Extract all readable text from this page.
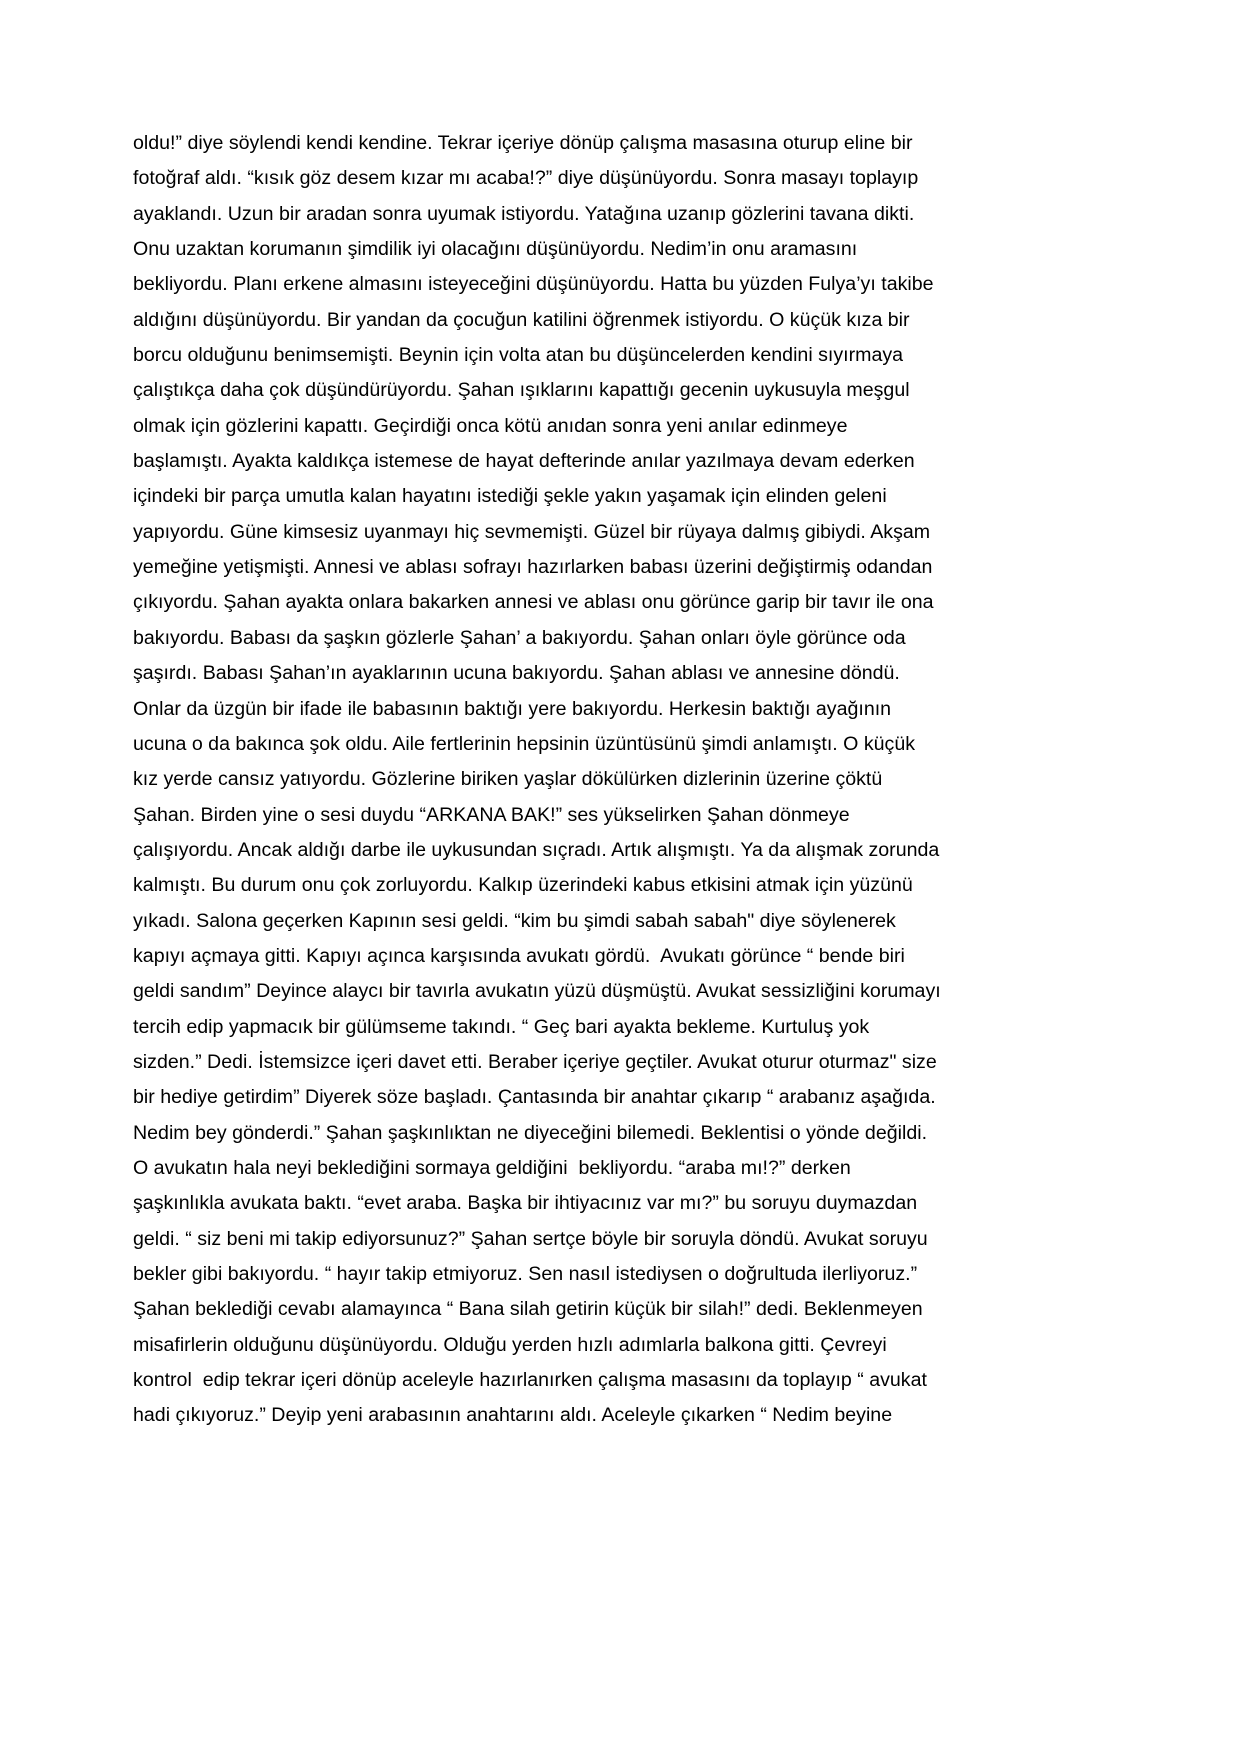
oldu!” diye söylendi kendi kendine. Tekrar içeriye dönüp çalışma masasına oturup eline bir
fotoğraf aldı. “kısık göz desem kızar mı acaba!?” diye düşünüyordu. Sonra masayı toplayıp
ayaklandı. Uzun bir aradan sonra uyumak istiyordu. Yatağına uzanıp gözlerini tavana dikti.
Onu uzaktan korumanın şimdilik iyi olacağını düşünüyordu. Nedim’in onu aramasını
bekliyordu. Planı erkene almasını isteyeceğini düşünüyordu. Hatta bu yüzden Fulya’yı takibe
aldığını düşünüyordu. Bir yandan da çocuğun katilini öğrenmek istiyordu. O küçük kıza bir
borcu olduğunu benimsemişti. Beynin için volta atan bu düşüncelerden kendini sıyırmaya
çalıştıkça daha çok düşündürüyordu. Şahan ışıklarını kapattığı gecenin uykusuyla meşgul
olmak için gözlerini kapattı. Geçirdiği onca kötü anıdan sonra yeni anılar edinmeye
başlamıştı. Ayakta kaldıkça istemese de hayat defterinde anılar yazılmaya devam ederken
içindeki bir parça umutla kalan hayatını istediği şekle yakın yaşamak için elinden geleni
yapıyordu. Güne kimsesiz uyanmayı hiç sevmemişti. Güzel bir rüyaya dalmış gibiydi. Akşam
yemeğine yetişmişti. Annesi ve ablası sofrayı hazırlarken babası üzerini değiştirmiş odandan
çıkıyordu. Şahan ayakta onlara bakarken annesi ve ablası onu görünce garip bir tavır ile ona
bakıyordu. Babası da şaşkın gözlerle Şahan’ a bakıyordu. Şahan onları öyle görünce oda
şaşırdı. Babası Şahan’ın ayaklarının ucuna bakıyordu. Şahan ablası ve annesine döndü.
Onlar da üzgün bir ifade ile babasının baktığı yere bakıyordu. Herkesin baktığı ayağının
ucuna o da bakınca şok oldu. Aile fertlerinin hepsinin üzüntüsünü şimdi anlamıştı. O küçük
kız yerde cansız yatıyordu. Gözlerine biriken yaşlar dökülürken dizlerinin üzerine çöktü
Şahan. Birden yine o sesi duydu “ARKANA BAK!” ses yükselirken Şahan dönmeye
çalışıyordu. Ancak aldığı darbe ile uykusundan sıçradı. Artık alışmıştı. Ya da alışmak zorunda
kalmıştı. Bu durum onu çok zorluyordu. Kalkıp üzerindeki kabus etkisini atmak için yüzünü
yıkadı. Salona geçerken Kapının sesi geldi. “kim bu şimdi sabah sabah" diye söylenerek
kapıyı açmaya gitti. Kapıyı açınca karşısında avukatı gördü.  Avukatı görünce “ bende biri
geldi sandım” Deyince alaycı bir tavırla avukatın yüzü düşmüştü. Avukat sessizliğini korumayı
tercih edip yapmacık bir gülümseme takındı. “ Geç bari ayakta bekleme. Kurtuluş yok
sizden.” Dedi. İstemsizce içeri davet etti. Beraber içeriye geçtiler. Avukat oturur oturmaz" size
bir hediye getirdim” Diyerek söze başladı. Çantasında bir anahtar çıkarıp “ arabanız aşağıda.
Nedim bey gönderdi.” Şahan şaşkınlıktan ne diyeceğini bilemedi. Beklentisi o yönde değildi.
O avukatın hala neyi beklediğini sormaya geldiğini  bekliyordu. “araba mı!?” derken
şaşkınlıkla avukata baktı. “evet araba. Başka bir ihtiyacınız var mı?” bu soruyu duymazdan
geldi. “ siz beni mi takip ediyorsunuz?” Şahan sertçe böyle bir soruyla döndü. Avukat soruyu
bekler gibi bakıyordu. “ hayır takip etmiyoruz. Sen nasıl istediysen o doğrultuda ilerliyoruz.”
Şahan beklediği cevabı alamayınca “ Bana silah getirin küçük bir silah!” dedi. Beklenmeyen
misafirlerin olduğunu düşünüyordu. Olduğu yerden hızlı adımlarla balkona gitti. Çevreyi
kontrol  edip tekrar içeri dönüp aceleyle hazırlanırken çalışma masasını da toplayıp “ avukat
hadi çıkıyoruz.” Deyip yeni arabasının anahtarını aldı. Aceleyle çıkarken “ Nedim beyine
